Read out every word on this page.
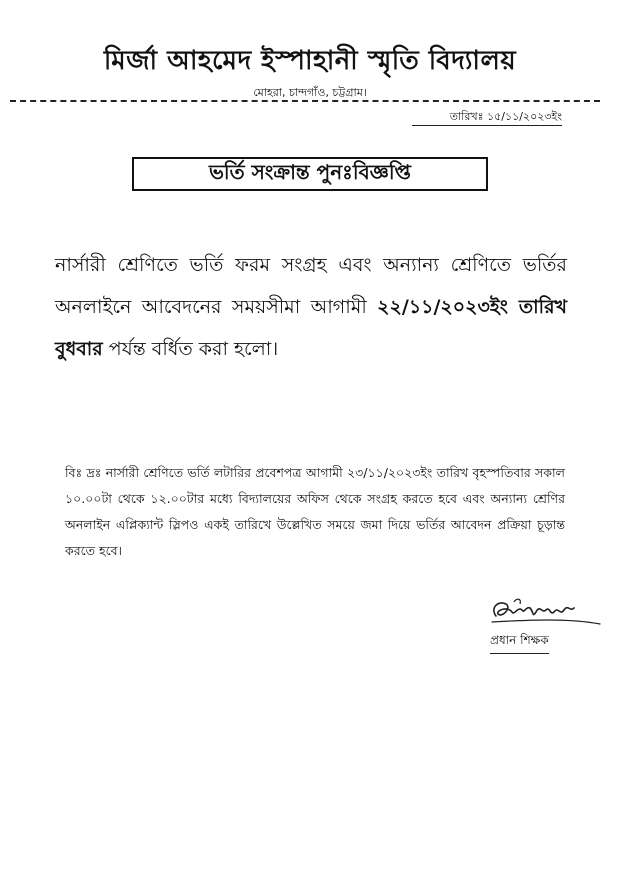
মির্জা আহমেদ ইস্পাহানী স্মৃতি বিদ্যালয়
মোহরা, চান্দগাঁও, চট্টগ্রাম।
তারিখঃ ১৫/১১/২০২৩ইং
ভর্তি সংক্রান্ত পুনঃবিজ্ঞপ্তি
নার্সারী শ্রেণিতে ভর্তি ফরম সংগ্রহ এবং অন্যান্য শ্রেণিতে ভর্তির অনলাইনে আবেদনের সময়সীমা আগামী ২২/১১/২০২৩ইং তারিখ বুধবার পর্যন্ত বর্ধিত করা হলো।
বিঃ দ্রঃ নার্সারী শ্রেণিতে ভর্তি লটারির প্রবেশপত্র আগামী ২৩/১১/২০২৩ইং তারিখ বৃহস্পতিবার সকাল ১০.০০টা থেকে ১২.০০টার মধ্যে বিদ্যালয়ের অফিস থেকে সংগ্রহ করতে হবে এবং অন্যান্য শ্রেণির অনলাইন এপ্লিক্যান্ট স্লিপও একই তারিখে উল্লেখিত সময়ে জমা দিয়ে ভর্তির আবেদন প্রক্রিয়া চূড়ান্ত করতে হবে।
প্রধান শিক্ষক
